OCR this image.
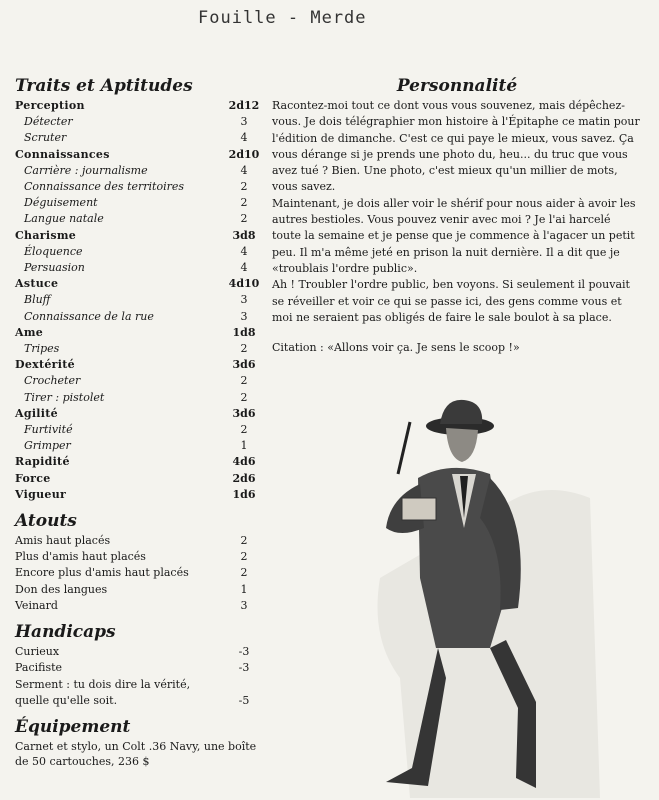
Fouille - Merde
Traits et Aptitudes
Perception	2d12
Détecter	3
Scruter	4
Connaissances	2d10
Carrière : journalisme	4
Connaissance des territoires	2
Déguisement	2
Langue natale	2
Charisme	3d8
Éloquence	4
Persuasion	4
Astuce	4d10
Bluff	3
Connaissance de la rue	3
Ame	1d8
Tripes	2
Dextérité	3d6
Crocheter	2
Tirer : pistolet	2
Agilité	3d6
Furtivité	2
Grimper	1
Rapidité	4d6
Force	2d6
Vigueur	1d6
Atouts
Amis haut placés	2
Plus d'amis haut placés	2
Encore plus d'amis haut placés	2
Don des langues	1
Veinard	3
Handicaps
Curieux	-3
Pacifiste	-3
Serment : tu dois dire la vérité, quelle qu'elle soit.	-5
Équipement
Carnet et stylo, un Colt .36 Navy, une boîte de 50 cartouches, 236 $
Personnalité

Racontez-moi tout ce dont vous vous souvenez, mais dépêchez-vous. Je dois télégraphier mon histoire à l'Épitaphe ce matin pour l'édition de dimanche. C'est ce qui paye le mieux, vous savez. Ça vous dérange si je prends une photo du, heu... du truc que vous avez tué ? Bien. Une photo, c'est mieux qu'un millier de mots, vous savez.

Maintenant, je dois aller voir le shérif pour nous aider à avoir les autres bestioles. Vous pouvez venir avec moi ? Je l'ai harcelé toute la semaine et je pense que je commence à l'agacer un petit peu. Il m'a même jeté en prison la nuit dernière. Il a dit que je «troublais l'ordre public».

Ah ! Troubler l'ordre public, ben voyons. Si seulement il pouvait se réveiller et voir ce qui se passe ici, des gens comme vous et moi ne seraient pas obligés de faire le sale boulot à sa place.

Citation : «Allons voir ça. Je sens le scoop !»
